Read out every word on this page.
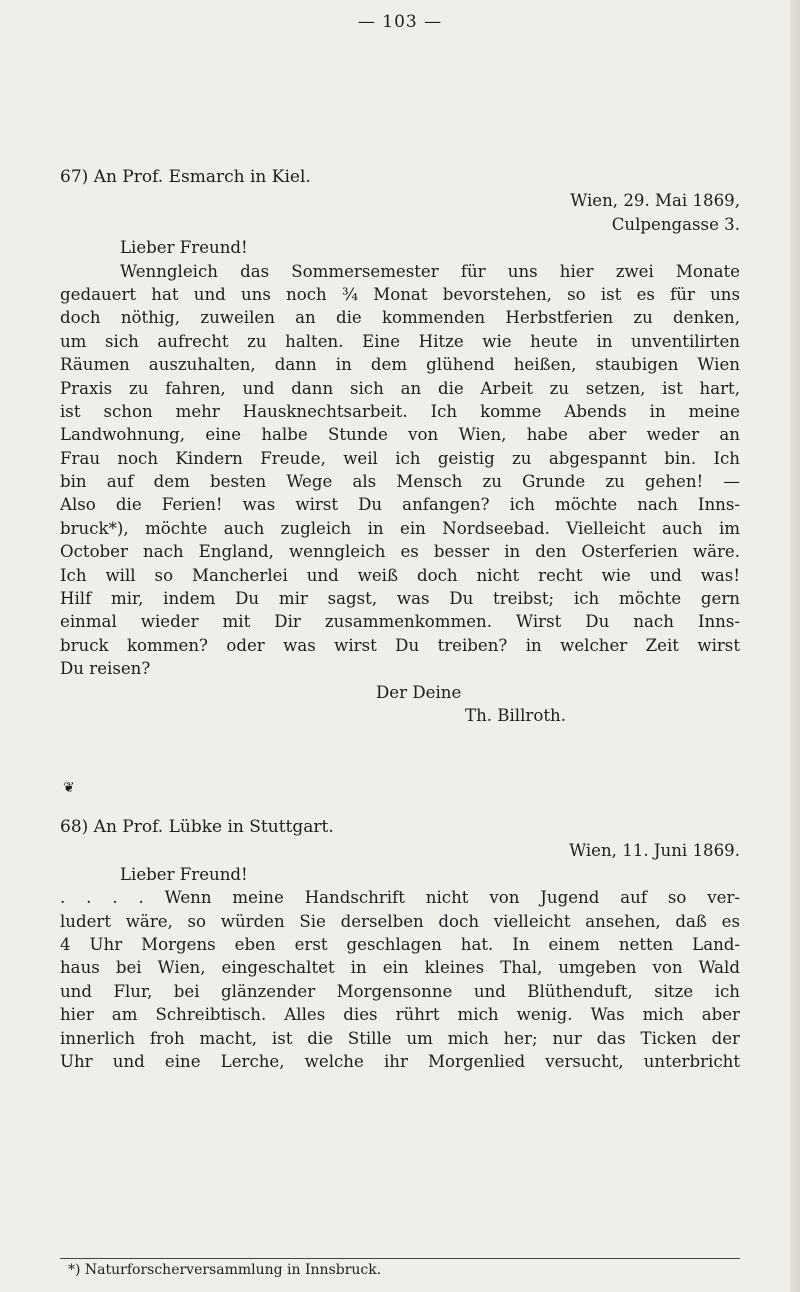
— 103 —
67) An Prof. Esmarch in Kiel.
Wien, 29. Mai 1869,
Culpengasse 3.
Lieber Freund!
Wenngleich das Sommersemester für uns hier zwei Monate
gedauert hat und uns noch ¾ Monat bevorstehen, so ist es für uns
doch nöthig, zuweilen an die kommenden Herbstferien zu denken,
um sich aufrecht zu halten. Eine Hitze wie heute in unventilirten
Räumen auszuhalten, dann in dem glühend heißen, staubigen Wien
Praxis zu fahren, und dann sich an die Arbeit zu setzen, ist hart,
ist schon mehr Hausknechtsarbeit. Ich komme Abends in meine
Landwohnung, eine halbe Stunde von Wien, habe aber weder an
Frau noch Kindern Freude, weil ich geistig zu abgespannt bin. Ich
bin auf dem besten Wege als Mensch zu Grunde zu gehen! —
Also die Ferien! was wirst Du anfangen? ich möchte nach Inns-
bruck*), möchte auch zugleich in ein Nordseebad. Vielleicht auch im
October nach England, wenngleich es besser in den Osterferien wäre.
Ich will so Mancherlei und weiß doch nicht recht wie und was!
Hilf mir, indem Du mir sagst, was Du treibst; ich möchte gern
einmal wieder mit Dir zusammenkommen. Wirst Du nach Inns-
bruck kommen? oder was wirst Du treiben? in welcher Zeit wirst
Du reisen?
Der Deine
Th. Billroth.
❦
68) An Prof. Lübke in Stuttgart.
Wien, 11. Juni 1869.
Lieber Freund!
. . . . Wenn meine Handschrift nicht von Jugend auf so ver-
ludert wäre, so würden Sie derselben doch vielleicht ansehen, daß es
4 Uhr Morgens eben erst geschlagen hat. In einem netten Land-
haus bei Wien, eingeschaltet in ein kleines Thal, umgeben von Wald
und Flur, bei glänzender Morgensonne und Blüthenduft, sitze ich
hier am Schreibtisch. Alles dies rührt mich wenig. Was mich aber
innerlich froh macht, ist die Stille um mich her; nur das Ticken der
Uhr und eine Lerche, welche ihr Morgenlied versucht, unterbricht
*) Naturforscherversammlung in Innsbruck.
